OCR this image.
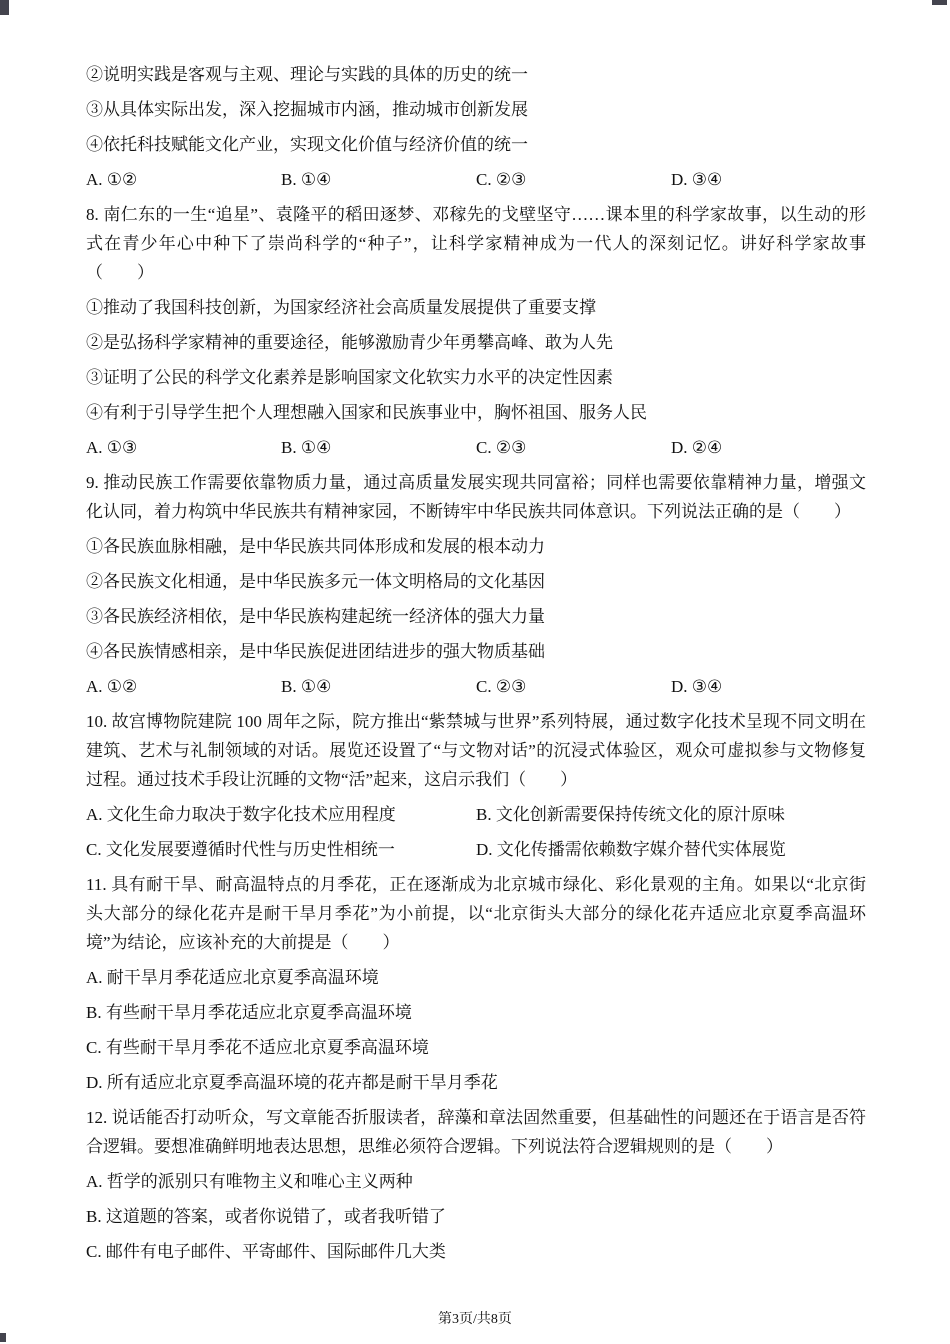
②说明实践是客观与主观、理论与实践的具体的历史的统一
③从具体实际出发，深入挖掘城市内涵，推动城市创新发展
④依托科技赋能文化产业，实现文化价值与经济价值的统一
A. ①②	B. ①④	C. ②③	D. ③④
8. 南仁东的一生“追星”、袁隆平的稻田逐梦、邓稼先的戈壁坚守……课本里的科学家故事，以生动的形式在青少年心中种下了崇尚科学的“种子”，让科学家精神成为一代人的深刻记忆。讲好科学家故事（　　）
①推动了我国科技创新，为国家经济社会高质量发展提供了重要支撑
②是弘扬科学家精神的重要途径，能够激励青少年勇攀高峰、敢为人先
③证明了公民的科学文化素养是影响国家文化软实力水平的决定性因素
④有利于引导学生把个人理想融入国家和民族事业中，胸怀祖国、服务人民
A. ①③	B. ①④	C. ②③	D. ②④
9. 推动民族工作需要依靠物质力量，通过高质量发展实现共同富裕；同样也需要依靠精神力量，增强文化认同，着力构筑中华民族共有精神家园，不断铸牢中华民族共同体意识。下列说法正确的是（　　）
①各民族血脉相融，是中华民族共同体形成和发展的根本动力
②各民族文化相通，是中华民族多元一体文明格局的文化基因
③各民族经济相依，是中华民族构建起统一经济体的强大力量
④各民族情感相亲，是中华民族促进团结进步的强大物质基础
A. ①②	B. ①④	C. ②③	D. ③④
10. 故宫博物院建院 100 周年之际，院方推出“紫禁城与世界”系列特展，通过数字化技术呈现不同文明在建筑、艺术与礼制领域的对话。展览还设置了“与文物对话”的沉浸式体验区，观众可虚拟参与文物修复过程。通过技术手段让沉睡的文物“活”起来，这启示我们（　　）
A. 文化生命力取决于数字化技术应用程度	B. 文化创新需要保持传统文化的原汁原味
C. 文化发展要遵循时代性与历史性相统一	D. 文化传播需依赖数字媒介替代实体展览
11. 具有耐干旱、耐高温特点的月季花，正在逐渐成为北京城市绿化、彩化景观的主角。如果以“北京街头大部分的绿化花卉是耐干旱月季花”为小前提，以“北京街头大部分的绿化花卉适应北京夏季高温环境”为结论，应该补充的大前提是（　　）
A. 耐干旱月季花适应北京夏季高温环境
B. 有些耐干旱月季花适应北京夏季高温环境
C. 有些耐干旱月季花不适应北京夏季高温环境
D. 所有适应北京夏季高温环境的花卉都是耐干旱月季花
12. 说话能否打动听众，写文章能否折服读者，辞藻和章法固然重要，但基础性的问题还在于语言是否符合逻辑。要想准确鲜明地表达思想，思维必须符合逻辑。下列说法符合逻辑规则的是（　　）
A. 哲学的派别只有唯物主义和唯心主义两种
B. 这道题的答案，或者你说错了，或者我听错了
C. 邮件有电子邮件、平寄邮件、国际邮件几大类
第3页/共8页
